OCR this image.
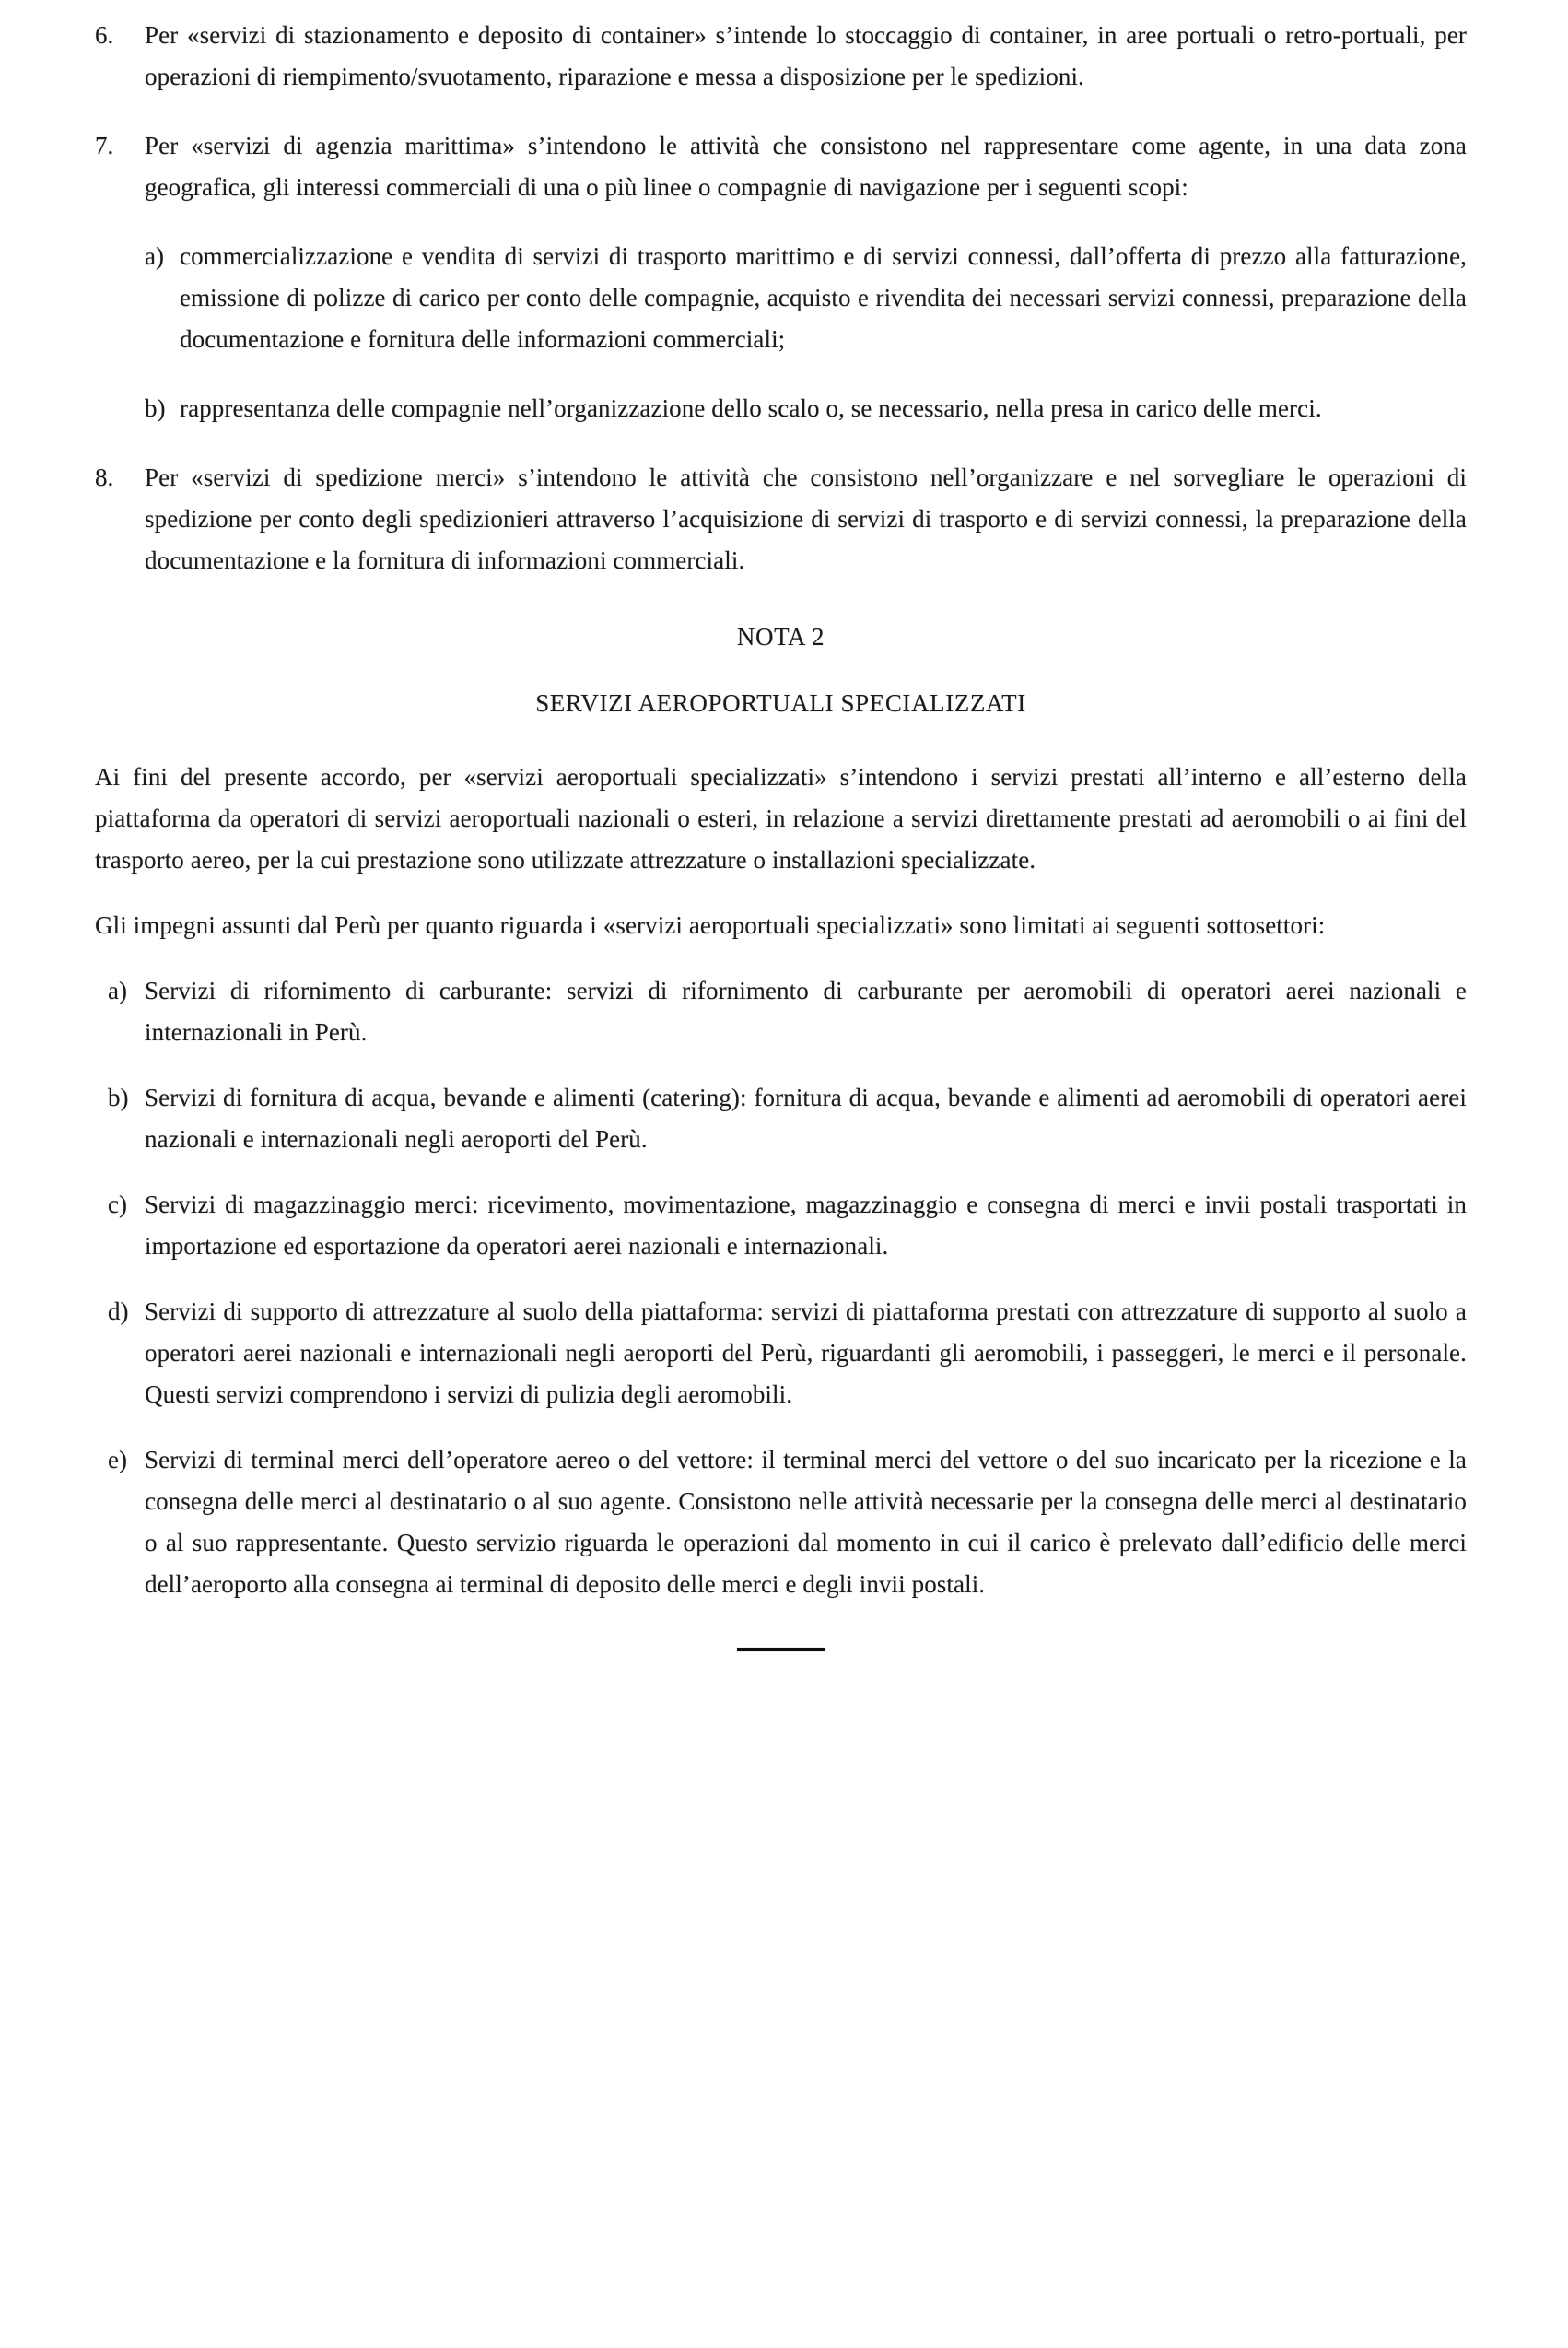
6.	Per «servizi di stazionamento e deposito di container» s’intende lo stoccaggio di container, in aree portuali o retro-portuali, per operazioni di riempimento/svuotamento, riparazione e messa a disposizione per le spedizioni.

7.	Per «servizi di agenzia marittima» s’intendono le attività che consistono nel rappresentare come agente, in una data zona geografica, gli interessi commerciali di una o più linee o compagnie di navigazione per i seguenti scopi:

a) commercializzazione e vendita di servizi di trasporto marittimo e di servizi connessi, dall’offerta di prezzo alla fatturazione, emissione di polizze di carico per conto delle compagnie, acquisto e rivendita dei necessari servizi connessi, preparazione della documentazione e fornitura delle informazioni commerciali;

b) rappresentanza delle compagnie nell’organizzazione dello scalo o, se necessario, nella presa in carico delle merci.

8.	Per «servizi di spedizione merci» s’intendono le attività che consistono nell’organizzare e nel sorvegliare le operazioni di spedizione per conto degli spedizionieri attraverso l’acquisizione di servizi di trasporto e di servizi connessi, la preparazione della documentazione e la fornitura di informazioni commerciali.

NOTA 2
SERVIZI AEROPORTUALI SPECIALIZZATI

Ai fini del presente accordo, per «servizi aeroportuali specializzati» s’intendono i servizi prestati all’interno e all’esterno della piattaforma da operatori di servizi aeroportuali nazionali o esteri, in relazione a servizi direttamente prestati ad aeromobili o ai fini del trasporto aereo, per la cui prestazione sono utilizzate attrezzature o installazioni specializzate.

Gli impegni assunti dal Perù per quanto riguarda i «servizi aeroportuali specializzati» sono limitati ai seguenti sottosettori:

a) Servizi di rifornimento di carburante: servizi di rifornimento di carburante per aeromobili di operatori aerei nazionali e internazionali in Perù.

b) Servizi di fornitura di acqua, bevande e alimenti (catering): fornitura di acqua, bevande e alimenti ad aeromobili di operatori aerei nazionali e internazionali negli aeroporti del Perù.

c) Servizi di magazzinaggio merci: ricevimento, movimentazione, magazzinaggio e consegna di merci e invii postali trasportati in importazione ed esportazione da operatori aerei nazionali e internazionali.

d) Servizi di supporto di attrezzature al suolo della piattaforma: servizi di piattaforma prestati con attrezzature di supporto al suolo a operatori aerei nazionali e internazionali negli aeroporti del Perù, riguardanti gli aeromobili, i passeggeri, le merci e il personale. Questi servizi comprendono i servizi di pulizia degli aeromobili.

e) Servizi di terminal merci dell’operatore aereo o del vettore: il terminal merci del vettore o del suo incaricato per la ricezione e la consegna delle merci al destinatario o al suo agente. Consistono nelle attività necessarie per la consegna delle merci al destinatario o al suo rappresentante. Questo servizio riguarda le operazioni dal momento in cui il carico è prelevato dall’edificio delle merci dell’aeroporto alla consegna ai terminal di deposito delle merci e degli invii postali.
